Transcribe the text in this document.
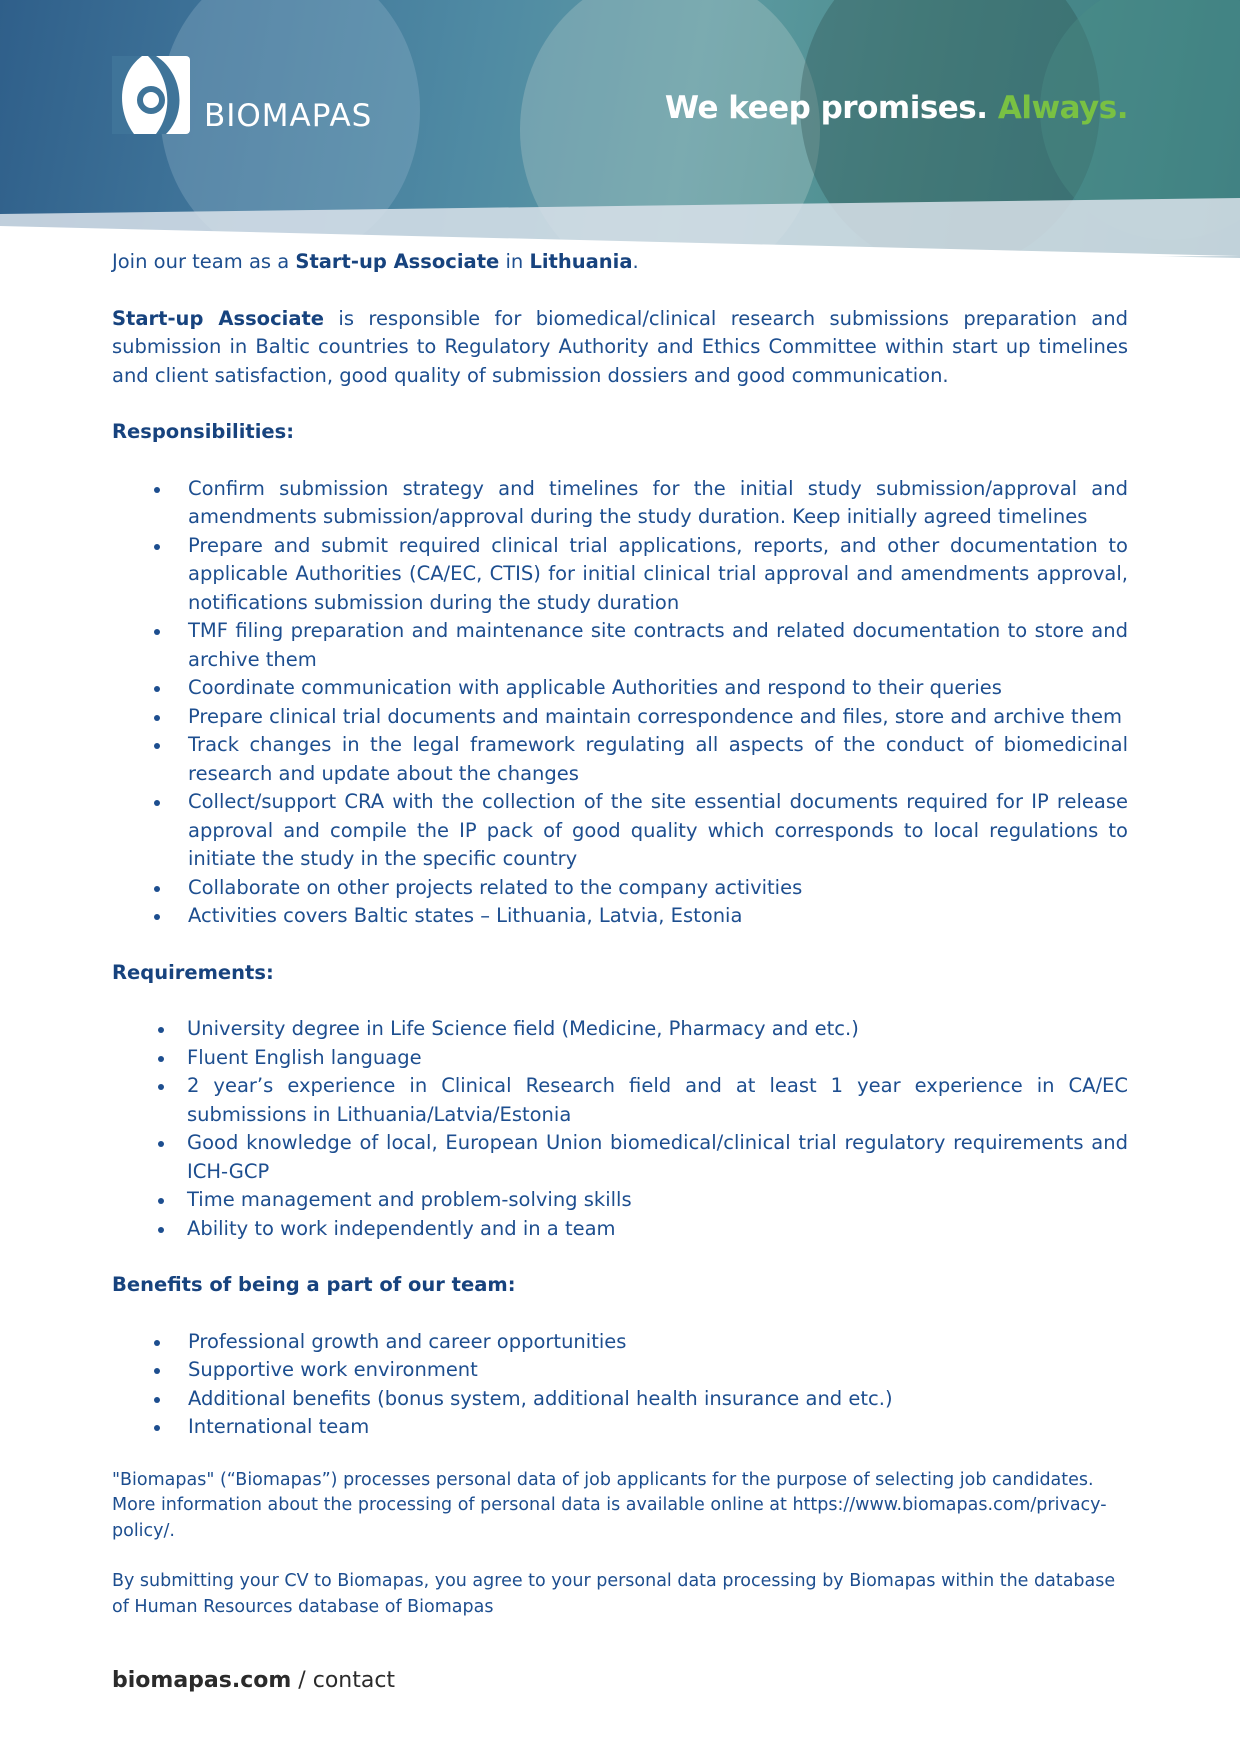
BIOMAPAS	We keep promises. Always.

Join our team as a Start-up Associate in Lithuania.

Start-up Associate is responsible for biomedical/clinical research submissions preparation and submission in Baltic countries to Regulatory Authority and Ethics Committee within start up timelines and client satisfaction, good quality of submission dossiers and good communication.

Responsibilities:
Confirm submission strategy and timelines for the initial study submission/approval and amendments submission/approval during the study duration. Keep initially agreed timelines
Prepare and submit required clinical trial applications, reports, and other documentation to applicable Authorities (CA/EC, CTIS) for initial clinical trial approval and amendments approval, notifications submission during the study duration
TMF filing preparation and maintenance site contracts and related documentation to store and archive them
Coordinate communication with applicable Authorities and respond to their queries
Prepare clinical trial documents and maintain correspondence and files, store and archive them
Track changes in the legal framework regulating all aspects of the conduct of biomedicinal research and update about the changes
Collect/support CRA with the collection of the site essential documents required for IP release approval and compile the IP pack of good quality which corresponds to local regulations to initiate the study in the specific country
Collaborate on other projects related to the company activities
Activities covers Baltic states – Lithuania, Latvia, Estonia
Requirements:
University degree in Life Science field (Medicine, Pharmacy and etc.)
Fluent English language
2 year’s experience in Clinical Research field and at least 1 year experience in CA/EC submissions in Lithuania/Latvia/Estonia
Good knowledge of local, European Union biomedical/clinical trial regulatory requirements and ICH-GCP
Time management and problem-solving skills
Ability to work independently and in a team
Benefits of being a part of our team:
Professional growth and career opportunities
Supportive work environment
Additional benefits (bonus system, additional health insurance and etc.)
International team

"Biomapas" (“Biomapas”) processes personal data of job applicants for the purpose of selecting job candidates. More information about the processing of personal data is available online at https://www.biomapas.com/privacy-policy/.

By submitting your CV to Biomapas, you agree to your personal data processing by Biomapas within the database of Human Resources database of Biomapas

biomapas.com / contact
